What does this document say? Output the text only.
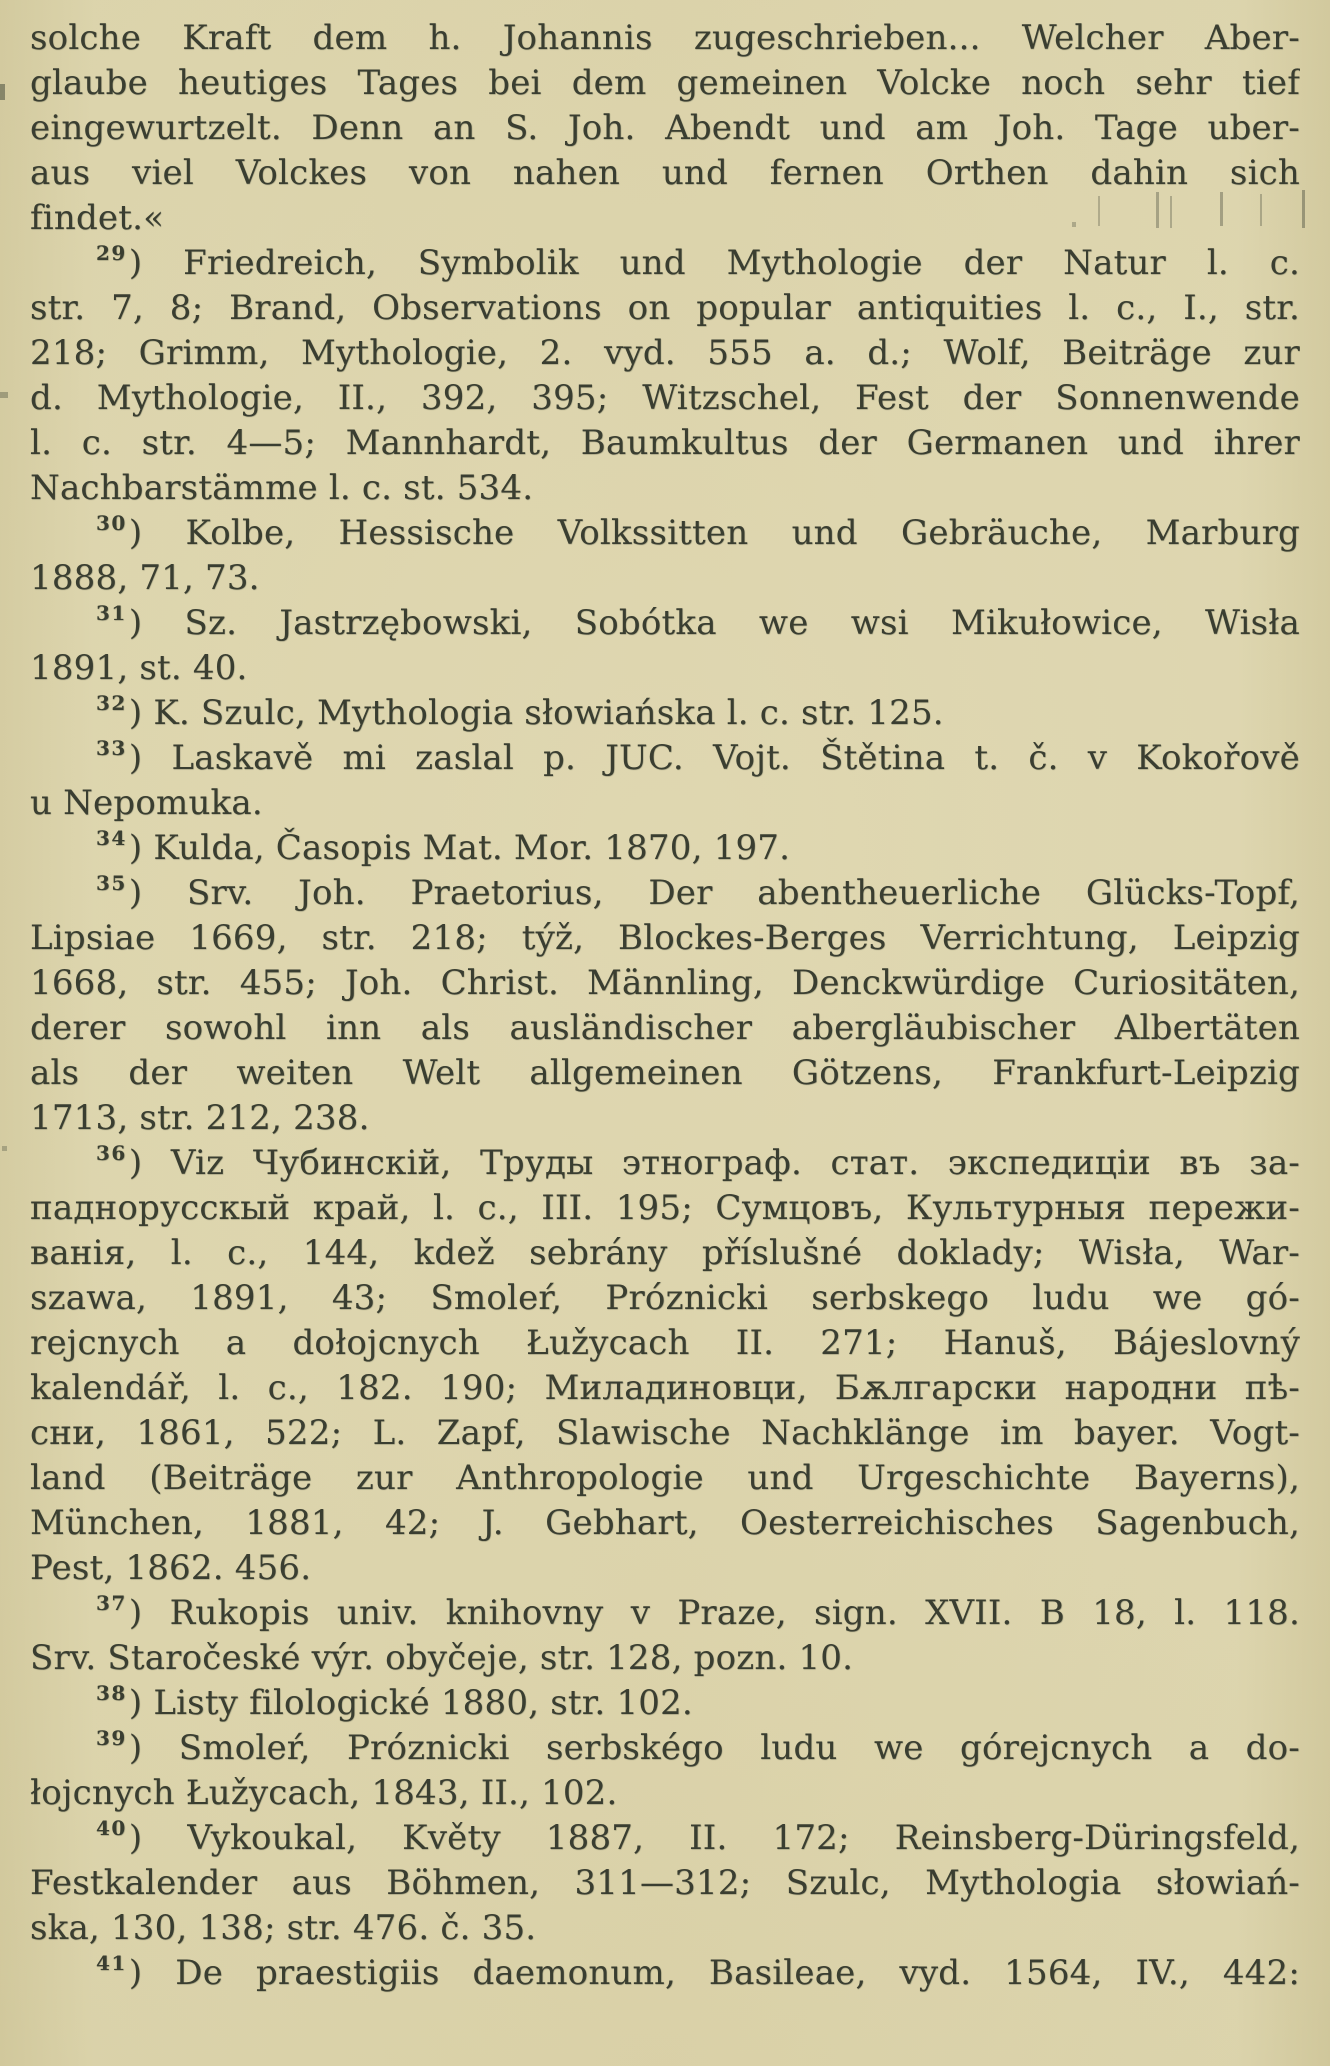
solche Kraft dem h. Johannis zugeschrieben... Welcher Aber-
glaube heutiges Tages bei dem gemeinen Volcke noch sehr tief
eingewurtzelt. Denn an S. Joh. Abendt und am Joh. Tage uber-
aus viel Volckes von nahen und fernen Orthen dahin sich
findet.«
$^{29}$) Friedreich, Symbolik und Mythologie der Natur l. c.
str. 7, 8; Brand, Observations on popular antiquities l. c., I., str.
218; Grimm, Mythologie, 2. vyd. 555 a. d.; Wolf, Beiträge zur
d. Mythologie, II., 392, 395; Witzschel, Fest der Sonnenwende
l. c. str. 4—5; Mannhardt, Baumkultus der Germanen und ihrer
Nachbarstämme l. c. st. 534.
$^{30}$) Kolbe, Hessische Volkssitten und Gebräuche, Marburg
1888, 71, 73.
$^{31}$) Sz. Jastrzębowski, Sobótka we wsi Mikułowice, Wisła
1891, st. 40.
$^{32}$) K. Szulc, Mythologia słowiańska l. c. str. 125.
$^{33}$) Laskavě mi zaslal p. JUC. Vojt. Štětina t. č. v Kokořově
u Nepomuka.
$^{34}$) Kulda, Časopis Mat. Mor. 1870, 197.
$^{35}$) Srv. Joh. Praetorius, Der abentheuerliche Glücks-Topf,
Lipsiae 1669, str. 218; týž, Blockes-Berges Verrichtung, Leipzig
1668, str. 455; Joh. Christ. Männling, Denckwürdige Curiositäten,
derer sowohl inn als ausländischer abergläubischer Albertäten
als der weiten Welt allgemeinen Götzens, Frankfurt-Leipzig
1713, str. 212, 238.
$^{36}$) Viz Чубинскій, Труды этнограф. стат. экспедиціи въ за-
паднорусскый край, l. c., III. 195; Сумцовъ, Культурныя пережи-
ванія, l. c., 144, kdež sebrány příslušné doklady; Wisła, War-
szawa, 1891, 43; Smoleŕ, Próznicki serbskego ludu we gó-
rejcnych a dołojcnych Łužycach II. 271; Hanuš, Bájeslovný
kalendář, l. c., 182. 190; Миладиновци, Бѫлгарски народни пѣ-
сни, 1861, 522; L. Zapf, Slawische Nachklänge im bayer. Vogt-
land (Beiträge zur Anthropologie und Urgeschichte Bayerns),
München, 1881, 42; J. Gebhart, Oesterreichisches Sagenbuch,
Pest, 1862. 456.
$^{37}$) Rukopis univ. knihovny v Praze, sign. XVII. B 18, l. 118.
Srv. Staročeské výr. obyčeje, str. 128, pozn. 10.
$^{38}$) Listy filologické 1880, str. 102.
$^{39}$) Smoleŕ, Próznicki serbskégo ludu we górejcnych a do-
łojcnych Łužycach, 1843, II., 102.
$^{40}$) Vykoukal, Květy 1887, II. 172; Reinsberg-Düringsfeld,
Festkalender aus Böhmen, 311—312; Szulc, Mythologia słowiań-
ska, 130, 138; str. 476. č. 35.
$^{41}$) De praestigiis daemonum, Basileae, vyd. 1564, IV., 442:
